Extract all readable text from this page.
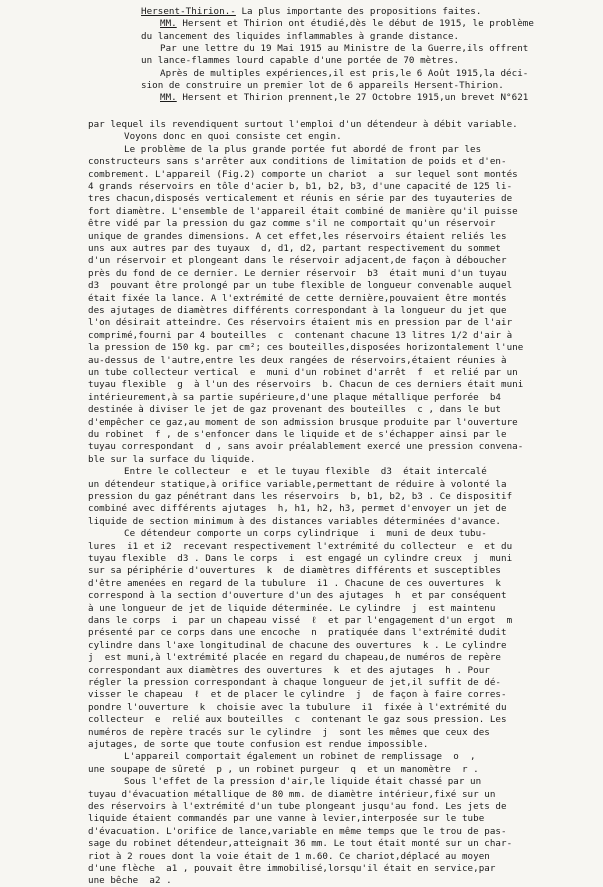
Hersent-Thirion.- La plus importante des propositions faites.
MM. Hersent et Thirion ont étudié,dès le début de 1915, le problème
du lancement des liquides inflammables à grande distance.
Par une lettre du 19 Mai 1915 au Ministre de la Guerre,ils offrent
un lance-flammes lourd capable d'une portée de 70 mètres.
Après de multiples expériences,il est pris,le 6 Août 1915,la déci-
sion de construire un premier lot de 6 appareils Hersent-Thirion.
MM. Hersent et Thirion prennent,le 27 Octobre 1915,un brevet N°621
par lequel ils revendiquent surtout l'emploi d'un détendeur à débit variable.
Voyons donc en quoi consiste cet engin.
Le problème de la plus grande portée fut abordé de front par les
constructeurs sans s'arrêter aux conditions de limitation de poids et d'en-
combrement. L'appareil (Fig.2) comporte un chariot  a  sur lequel sont montés
4 grands réservoirs en tôle d'acier b, b1, b2, b3, d'une capacité de 125 li-
tres chacun,disposés verticalement et réunis en série par des tuyauteries de
fort diamètre. L'ensemble de l'appareil était combiné de manière qu'il puisse
être vidé par la pression du gaz comme s'il ne comportait qu'un réservoir
unique de grandes dimensions. A cet effet,les réservoirs étaient reliés les
uns aux autres par des tuyaux  d, d1, d2, partant respectivement du sommet
d'un réservoir et plongeant dans le réservoir adjacent,de façon à déboucher
près du fond de ce dernier. Le dernier réservoir  b3  était muni d'un tuyau
d3  pouvant être prolongé par un tube flexible de longueur convenable auquel
était fixée la lance. A l'extrémité de cette dernière,pouvaient être montés
des ajutages de diamètres différents correspondant à la longueur du jet que
l'on désirait atteindre. Ces réservoirs étaient mis en pression par de l'air
comprimé,fourni par 4 bouteilles  c  contenant chacune 13 litres 1/2 d'air à
la pression de 150 kg. par cm²; ces bouteilles,disposées horizontalement l'une
au-dessus de l'autre,entre les deux rangées de réservoirs,étaient réunies à
un tube collecteur vertical  e  muni d'un robinet d'arrêt  f  et relié par un
tuyau flexible  g  à l'un des réservoirs  b. Chacun de ces derniers était muni
intérieurement,à sa partie supérieure,d'une plaque métallique perforée  b4
destinée à diviser le jet de gaz provenant des bouteilles  c , dans le but
d'empêcher ce gaz,au moment de son admission brusque produite par l'ouverture
du robinet  f , de s'enfoncer dans le liquide et de s'échapper ainsi par le
tuyau correspondant  d , sans avoir préalablement exercé une pression convena-
ble sur la surface du liquide.
Entre le collecteur  e  et le tuyau flexible  d3  était intercalé
un détendeur statique,à orifice variable,permettant de réduire à volonté la
pression du gaz pénétrant dans les réservoirs  b, b1, b2, b3 . Ce dispositif
combiné avec différents ajutages  h, h1, h2, h3, permet d'envoyer un jet de
liquide de section minimum à des distances variables déterminées d'avance.
Ce détendeur comporte un corps cylindrique  i  muni de deux tubu-
lures  i1 et i2  recevant respectivement l'extrémité du collecteur  e  et du
tuyau flexible  d3 . Dans le corps  i  est engagé un cylindre creux  j  muni
sur sa périphérie d'ouvertures  k  de diamètres différents et susceptibles
d'être amenées en regard de la tubulure  i1 . Chacune de ces ouvertures  k
correspond à la section d'ouverture d'un des ajutages  h  et par conséquent
à une longueur de jet de liquide déterminée. Le cylindre  j  est maintenu
dans le corps  i  par un chapeau vissé  ℓ  et par l'engagement d'un ergot  m
présenté par ce corps dans une encoche  n  pratiquée dans l'extrémité dudit
cylindre dans l'axe longitudinal de chacune des ouvertures  k . Le cylindre
j  est muni,à l'extrémité placée en regard du chapeau,de numéros de repère
correspondant aux diamètres des ouvertures  k  et des ajutages  h . Pour
régler la pression correspondant à chaque longueur de jet,il suffit de dé-
visser le chapeau  ℓ  et de placer le cylindre  j  de façon à faire corres-
pondre l'ouverture  k  choisie avec la tubulure  i1  fixée à l'extrémité du
collecteur  e  relié aux bouteilles  c  contenant le gaz sous pression. Les
numéros de repère tracés sur le cylindre  j  sont les mêmes que ceux des
ajutages, de sorte que toute confusion est rendue impossible.
L'appareil comportait également un robinet de remplissage  o  ,
une soupape de sûreté  p , un robinet purgeur  q  et un manomètre  r .
Sous l'effet de la pression d'air,le liquide était chassé par un
tuyau d'évacuation métallique de 80 mm. de diamètre intérieur,fixé sur un
des réservoirs à l'extrémité d'un tube plongeant jusqu'au fond. Les jets de
liquide étaient commandés par une vanne à levier,interposée sur le tube
d'évacuation. L'orifice de lance,variable en même temps que le trou de pas-
sage du robinet détendeur,atteignait 36 mm. Le tout était monté sur un char-
riot à 2 roues dont la voie était de 1 m.60. Ce chariot,déplacé au moyen
d'une flèche  a1 , pouvait être immobilisé,lorsqu'il était en service,par
une bêche  a2 .
